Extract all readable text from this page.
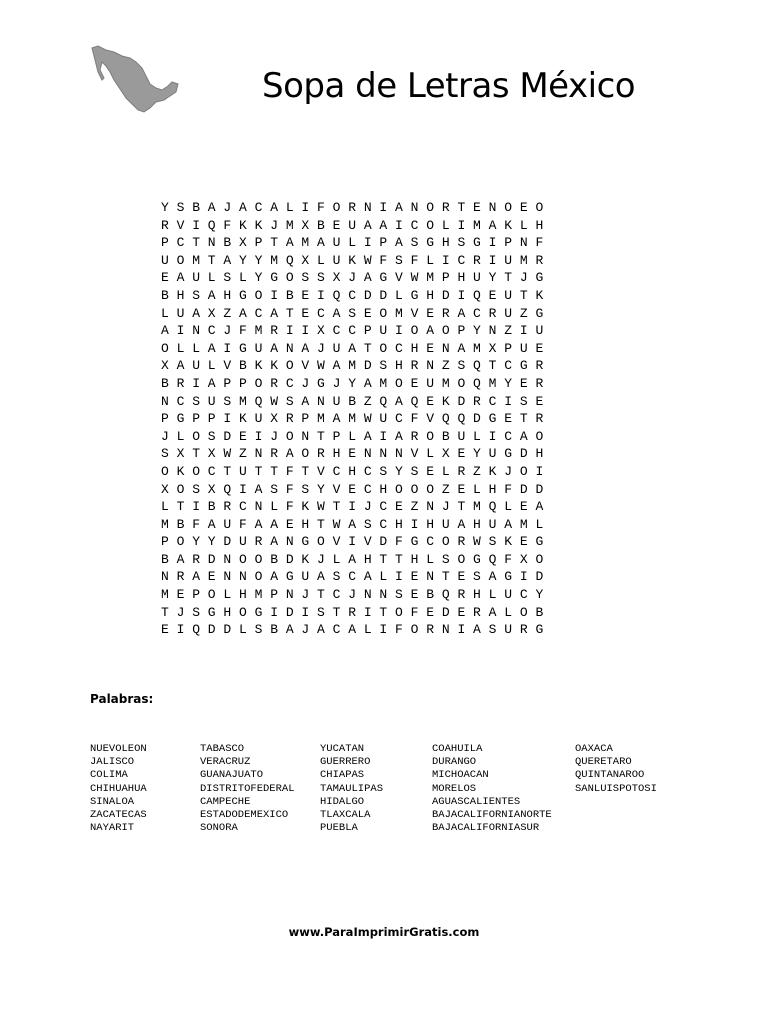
Sopa de Letras México
Y S B A J A C A L I F O R N I A N O R T E N O E O
R V I Q F K K J M X B E U A A I C O L I M A K L H
P C T N B X P T A M A U L I P A S G H S G I P N F
U O M T A Y Y M Q X L U K W F S F L I C R I U M R
E A U L S L Y G O S S X J A G V W M P H U Y T J G
B H S A H G O I B E I Q C D D L G H D I Q E U T K
L U A X Z A C A T E C A S E O M V E R A C R U Z G
A I N C J F M R I I X C C P U I O A O P Y N Z I U
O L L A I G U A N A J U A T O C H E N A M X P U E
X A U L V B K K O V W A M D S H R N Z S Q T C G R
B R I A P P O R C J G J Y A M O E U M O Q M Y E R
N C S U S M Q W S A N U B Z Q A Q E K D R C I S E
P G P P I K U X R P M A M W U C F V Q Q D G E T R
J L O S D E I J O N T P L A I A R O B U L I C A O
S X T X W Z N R A O R H E N N N V L X E Y U G D H
O K O C T U T T F T V C H C S Y S E L R Z K J O I
X O S X Q I A S F S Y V E C H O O O Z E L H F D D
L T I B R C N L F K W T I J C E Z N J T M Q L E A
M B F A U F A A E H T W A S C H I H U A H U A M L
P O Y Y D U R A N G O V I V D F G C O R W S K E G
B A R D N O O B D K J L A H T T H L S O G Q F X O
N R A E N N O A G U A S C A L I E N T E S A G I D
M E P O L H M P N J T C J N N S E B Q R H L U C Y
T J S G H O G I D I S T R I T O F E D E R A L O B
E I Q D D L S B A J A C A L I F O R N I A S U R G
Palabras:
NUEVOLEON
JALISCO
COLIMA
CHIHUAHUA
SINALOA
ZACATECAS
NAYARIT
TABASCO
VERACRUZ
GUANAJUATO
DISTRITOFEDERAL
CAMPECHE
ESTADODEMEXICO
SONORA
YUCATAN
GUERRERO
CHIAPAS
TAMAULIPAS
HIDALGO
TLAXCALA
PUEBLA
COAHUILA
DURANGO
MICHOACAN
MORELOS
AGUASCALIENTES
BAJACALIFORNIANORTE
BAJACALIFORNIASUR
OAXACA
QUERETARO
QUINTANAROO
SANLUISPOTOSI
www.ParaImprimirGratis.com
